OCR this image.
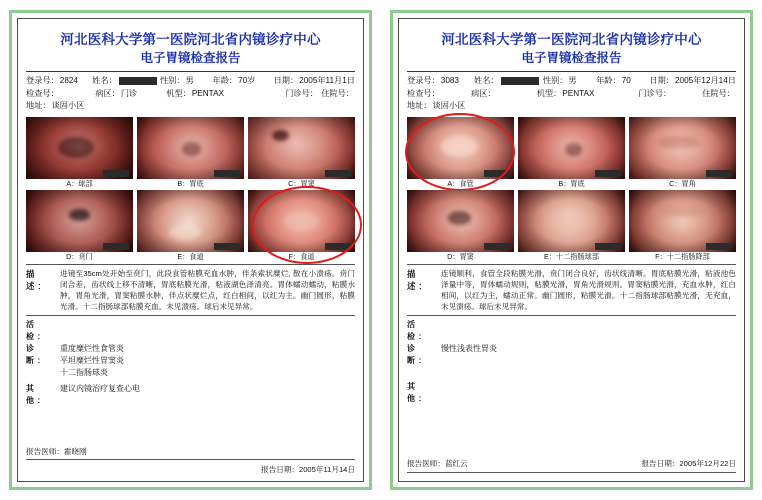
河北医科大学第一医院河北省内镜诊疗中心
电子胃镜检查报告
登录号： 2824 姓名：	性别： 男 年龄： 70岁 日期： 2005年11月1日
检查号：	病区： 门诊	机型： PENTAX	门诊号： 住院号：
地址： 谈固小区
A：球部	B：胃底	C：胃窦
D：贲门	E：食道	F：食道
描 述：
进镜至35cm处开始至贲门，此段食管粘膜充血水肿，伴条索状糜烂, 散在小溃疡。贲门闭合差，齿状线上移不清晰，胃底粘膜光滑，粘液湖色泽清亮。胃体蠕动蠕动，粘膜水肿，胃角光滑，胃窦粘膜水肿，伴点状糜烂点，红白相间，以红为主。幽门圆形，粘膜光滑。十二指肠球部粘膜充血，未见溃疡。球后未见异常。
活 检：
诊 断：
重度糜烂性食管炎
平坦糜烂性胃窦炎
十二指肠球炎
其 他：
建议内镜治疗复查心电
报告医师： 霍晓刚
报告日期： 2005年11月14日
河北医科大学第一医院河北省内镜诊疗中心
电子胃镜检查报告
登录号： 3083 姓名：	性别： 男 年龄： 70 日期： 2005年12月14日
检查号：	病区：	机型： PENTAX	门诊号：	住院号：
地址： 谈固小区
A：食管	B：胃底	C：胃角
D：胃窦	E：十二指肠球部	F：十二指肠降部
描 述：
连镜顺利，食管全段粘膜光滑，贲门闭合良好，齿状线清晰。胃底粘膜光滑，粘液池色泽量中等，胃体蠕动规则，粘膜光滑，胃角光滑规则。胃窦粘膜光滑，充血水肿，红白相间，以红为主，蠕动正常。幽门圆形，粘膜光滑。十二指肠球部粘膜光滑，无充血，未见溃疡。球后未见异常。
活 检：
诊 断：
慢性浅表性胃炎
其 他：
报告医师：蓝红云	报告日期：2005年12月22日
